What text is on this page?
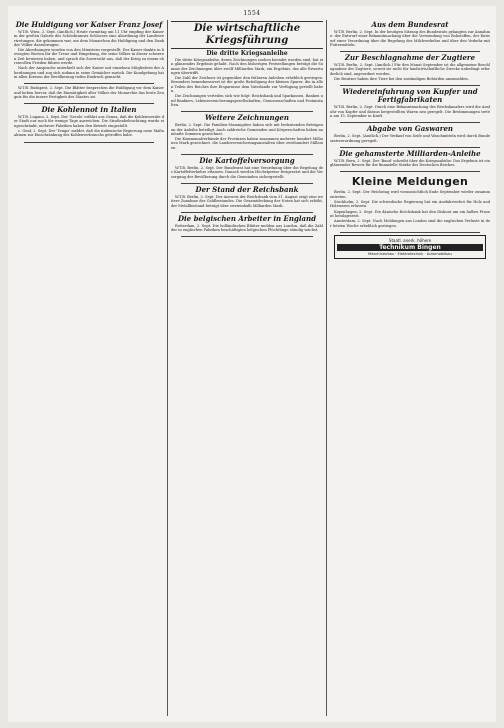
1554
Die Huldigung vor Kaiser Franz Josef

W.T.B. Wien, 2. Sept. (Amtlich.) Heute vormittag um 11 Uhr empfing der Kaiser in der großen Galerie des Schönbrunner Schlosses eine Abordnung der Landesvertretungen, die gekommen war, um dem Monarchen die Huldigung und den Dank der Völker darzubringen.

Die Abordnungen wurden von den Ministern vorgestellt. Der Kaiser dankte in bewegten Worten für die Treue und Hingebung, die seine Völker in dieser schweren Zeit bewiesen haben, und sprach die Zuversicht aus, daß der Krieg zu einem ehrenvollen Frieden führen werde.

Nach der Ansprache unterhielt sich der Kaiser mit einzelnen Mitgliedern der Abordnungen und zog sich sodann in seine Gemächer zurück. Die Kundgebung hat in allen Kreisen der Bevölkerung tiefen Eindruck gemacht.

W.T.B. Budapest, 2. Sept. Die Blätter besprechen die Huldigung vor dem Kaiser und heben hervor, daß die Einmütigkeit aller Völker der Monarchie das beste Zeugnis für die innere Festigkeit des Staates sei.

Die Kohlennot in Italien

W.T.B. Lugano, 2. Sept. Der 'Secolo' erfährt aus Genua, daß die Kohlenvorräte der Stadt nur noch für wenige Tage ausreichen. Die Straßenbeleuchtung wurde eingeschränkt, mehrere Fabriken haben den Betrieb eingestellt.

c. Genf, 2. Sept. Der 'Temps' meldet, daß die italienische Regierung neue Maßnahmen zur Einschränkung des Kohlenverbrauchs getroffen habe.

Die wirtschaftliche Kriegsführung
Die dritte Kriegsanleihe

Die dritte Kriegsanleihe, deren Zeichnungen soeben beendet worden sind, hat ein glänzendes Ergebnis gehabt. Nach den bisherigen Feststellungen beträgt die Summe der Zeichnungen über zwölf Milliarden Mark, ein Ergebnis, das alle Erwartungen übertrifft.

Die Zahl der Zeichner ist gegenüber den früheren Anleihen erheblich gestiegen. Besonders bemerkenswert ist die große Beteiligung der kleinen Sparer, die in allen Teilen des Reiches ihre Ersparnisse dem Vaterlande zur Verfügung gestellt haben.

Die Zeichnungen verteilen sich wie folgt: Reichsbank und Sparkassen, Banken und Bankiers, Lebensversicherungsgesellschaften, Genossenschaften und Postanstalten.

Weitere Zeichnungen

Berlin, 2. Sept. Die Familien-Stammgüter haben sich mit bedeutenden Beträgen an der Anleihe beteiligt. Auch zahlreiche Gemeinden und Körperschaften haben namhafte Summen gezeichnet.

Die Kommunalverbände der Provinzen haben zusammen mehrere hundert Millionen Mark gezeichnet, die Landesversicherungsanstalten über zweihundert Millionen.

Die Kartoffelversorgung

W.T.B. Berlin, 2. Sept. Der Bundesrat hat eine Verordnung über die Regelung des Kartoffelverkehrs erlassen. Danach werden Höchstpreise festgesetzt und die Versorgung der Bevölkerung durch die Gemeinden sichergestellt.

Der Stand der Reichsbank

W.T.B. Berlin, 2. Sept. Der Ausweis der Reichsbank vom 31. August zeigt eine weitere Zunahme des Goldbestandes. Die Gesamtdeckung der Noten hat sich erhöht, der Metallbestand beträgt über zweieinhalb Milliarden Mark.

Die belgischen Arbeiter in England

Rotterdam, 2. Sept. Die holländischen Blätter melden aus London, daß die Zahl der in englischen Fabriken beschäftigten belgischen Flüchtlinge ständig wächst.

Aus dem Bundesrat

W.T.B. Berlin, 2. Sept. In der heutigen Sitzung des Bundesrats gelangten zur Annahme: der Entwurf einer Bekanntmachung über die Verwendung von Rohstoffen, der Entwurf einer Verordnung über die Regelung des Milchverkehrs und über den Verkehr mit Futtermitteln.

Zur Beschlagnahme der Zugtiere

W.T.B. Berlin, 2. Sept. (Amtlich.) Für den Monat September ist die allgemeine Beschlagnahme der Zugtiere, soweit sie nicht für landwirtschaftliche Zwecke unbedingt erforderlich sind, angeordnet worden.

Die Besitzer haben ihre Tiere bei den zuständigen Behörden anzumelden.

Wiedereinfuhrung von Kupfer und Fertigfabrikaten

W.T.B. Berlin, 2. Sept. Durch eine Bekanntmachung des Reichskanzlers wird die Ausfuhr von Kupfer und daraus hergestellten Waren neu geregelt. Die Bestimmungen treten am 15. September in Kraft.

Abgabe von Gaswaren

Berlin, 2. Sept. (Amtlich.) Der Verkauf von Seife und Waschmitteln wird durch Bundesratsverordnung geregelt.

Die gehamsterte Milliarden-Anleihe

W.T.B. Bern, 2. Sept. Der 'Bund' schreibt über die Kriegsanleihe: Das Ergebnis ist ein glänzender Beweis für die finanzielle Stärke des Deutschen Reiches.

Kleine Meldungen

Berlin, 2. Sept. Der Reichstag wird voraussichtlich Ende September wieder zusammentreten.

Stockholm, 2. Sept. Die schwedische Regierung hat ein Ausfuhrverbot für Holz und Holzwaren erlassen.

Kopenhagen, 2. Sept. Die dänische Reichsbank hat den Diskont um ein halbes Prozent herabgesetzt.

Amsterdam, 2. Sept. Nach Meldungen aus London sind die englischen Verluste in der letzten Woche erheblich gestiegen.

Staatl. anerk. höhere
Technikum Bingen
Maschinenbau · Elektrotechnik · Automobilbau
